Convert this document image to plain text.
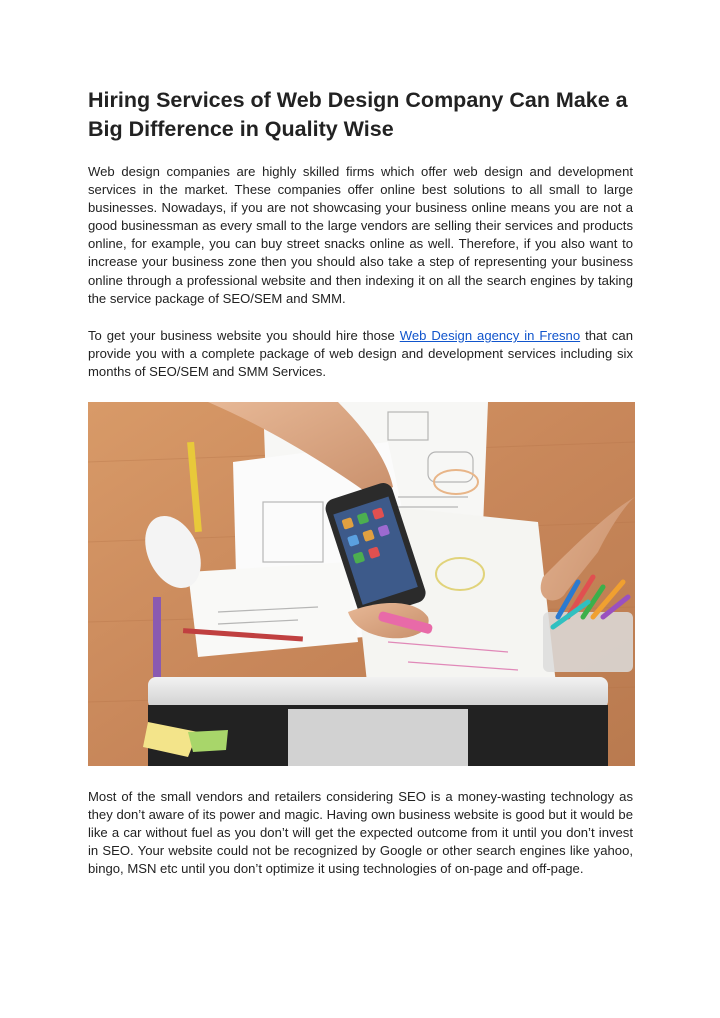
Hiring Services of Web Design Company Can Make a Big Difference in Quality Wise

Web design companies are highly skilled firms which offer web design and development services in the market. These companies offer online best solutions to all small to large businesses. Nowadays, if you are not showcasing your business online means you are not a good businessman as every small to the large vendors are selling their services and products online, for example, you can buy street snacks online as well. Therefore, if you also want to increase your business zone then you should also take a step of representing your business online through a professional website and then indexing it on all the search engines by taking the service package of SEO/SEM and SMM.

To get your business website you should hire those Web Design agency in Fresno that can provide you with a complete package of web design and development services including six months of SEO/SEM and SMM Services.

Most of the small vendors and retailers considering SEO is a money-wasting technology as they don’t aware of its power and magic. Having own business website is good but it would be like a car without fuel as you don’t will get the expected outcome from it until you don’t invest in SEO. Your website could not be recognized by Google or other search engines like yahoo, bingo, MSN etc until you don’t optimize it using technologies of on-page and off-page.
